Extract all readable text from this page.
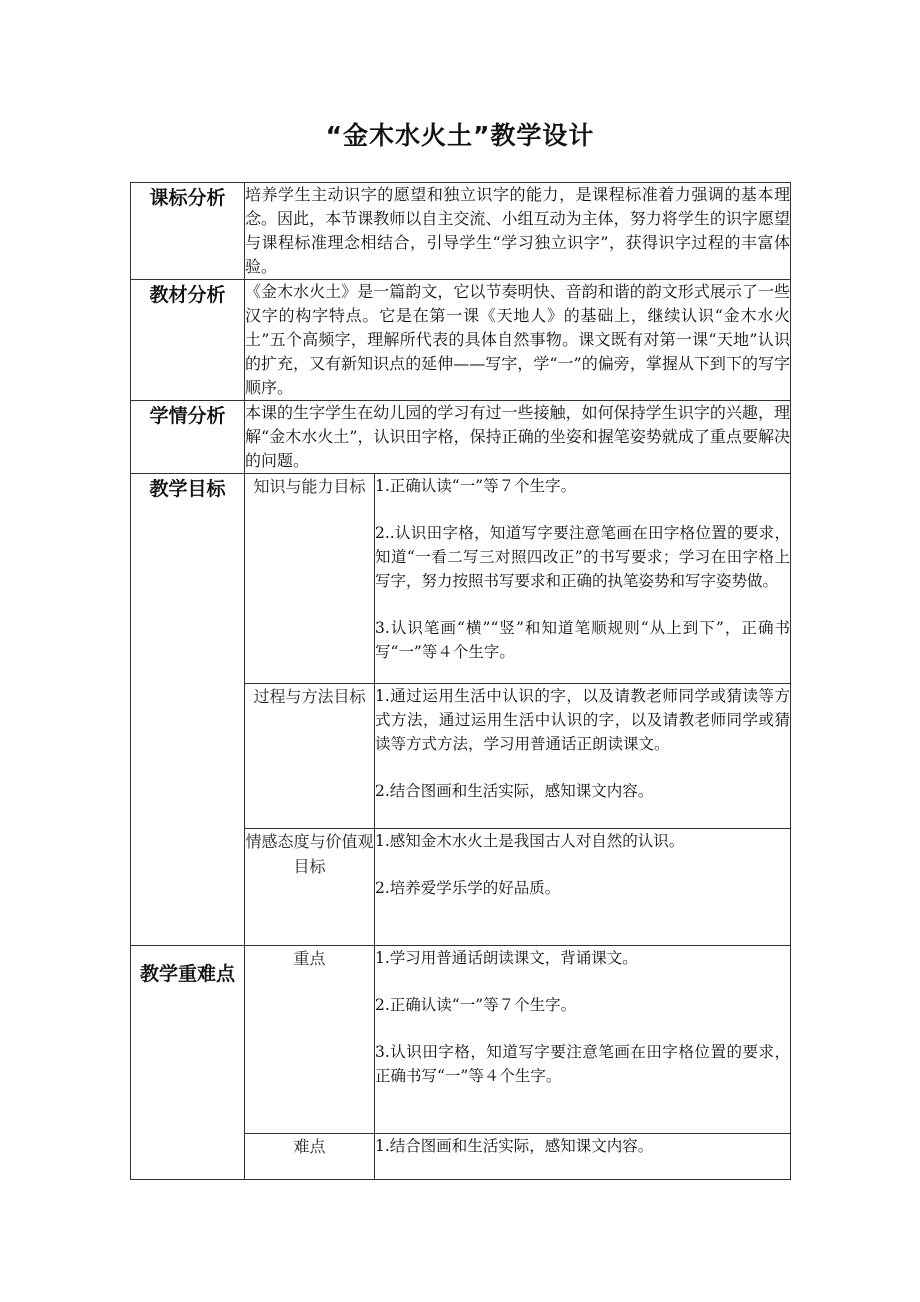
“金木水火土”教学设计
课标分析	培养学生主动识字的愿望和独立识字的能力，是课程标准着力强调的基本理念。因此，本节课教师以自主交流、小组互动为主体，努力将学生的识字愿望与课程标准理念相结合，引导学生“学习独立识字”，获得识字过程的丰富体验。	
教材分析	《金木水火土》是一篇韵文，它以节奏明快、音韵和谐的韵文形式展示了一些汉字的构字特点。它是在第一课《天地人》的基础上，继续认识“金木水火土”五个高频字，理解所代表的具体自然事物。课文既有对第一课“天地”认识的扩充，又有新知识点的延伸——写字，学“一”的偏旁，掌握从下到下的写字顺序。	
学情分析	本课的生字学生在幼儿园的学习有过一些接触，如何保持学生识字的兴趣，理解“金木水火土”，认识田字格，保持正确的坐姿和握笔姿势就成了重点要解决的问题。	
教学目标	知识与能力目标	1.正确认读“一”等７个生字。

2..认识田字格，知道写字要注意笔画在田字格位置的要求，知道“一看二写三对照四改正”的书写要求；学习在田字格上写字，努力按照书写要求和正确的执笔姿势和写字姿势做。

3.认识笔画“横”“竖”和知道笔顺规则“从上到下”，正确书写“一”等４个生字。

	过程与方法目标	1.通过运用生活中认识的字，以及请教老师同学或猜读等方式方法，通过运用生活中认识的字，以及请教老师同学或猜读等方式方法，学习用普通话正朗读课文。

2.结合图画和生活实际，感知课文内容。

	情感态度与价值观目标	1.感知金木水火土是我国古人对自然的认识。

2.培养爱学乐学的好品质。

教学重难点	重点	1.学习用普通话朗读课文，背诵课文。

2.正确认读“一”等７个生字。

3.认识田字格，知道写字要注意笔画在田字格位置的要求，正确书写“一”等４个生字。

	难点	1.结合图画和生活实际，感知课文内容。
